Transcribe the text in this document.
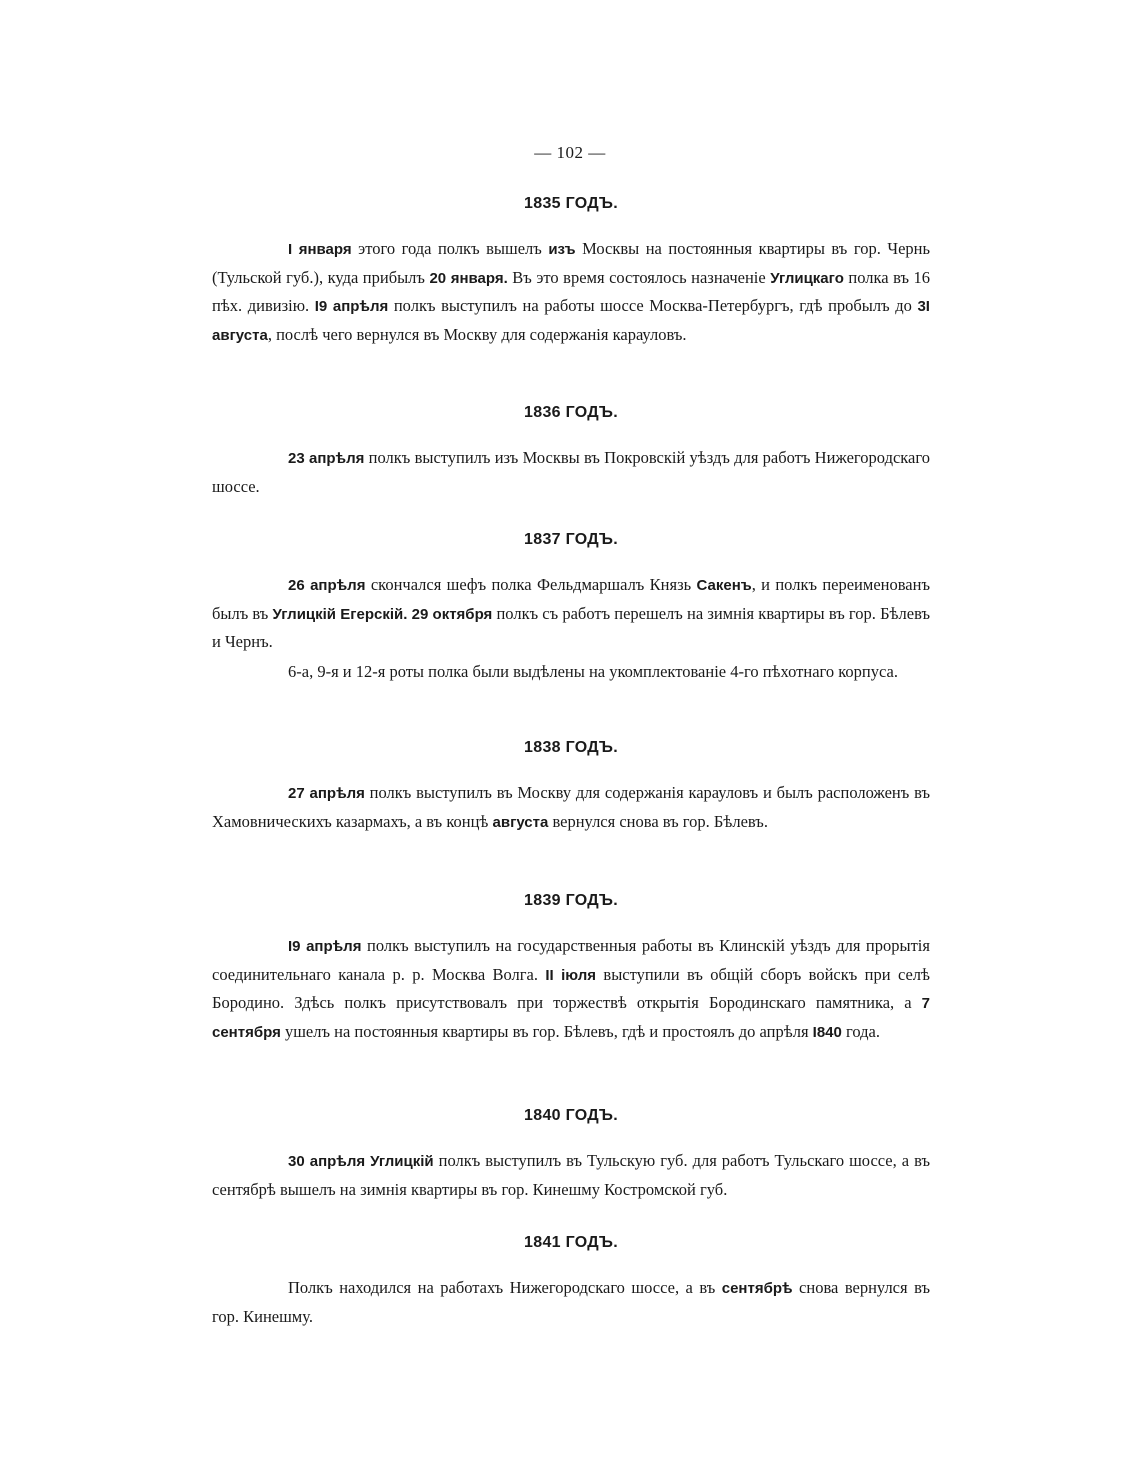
— 102 —
1835 ГОДЪ.

I января этого года полкъ вышелъ изъ Москвы на постоянныя квартиры въ гор. Чернь (Тульской губ.), куда прибылъ 20 января. Въ это время состоялось назначеніе Углицкаго полка въ 16 пѣх. дивизію. I9 апрѣля полкъ выступилъ на работы шоссе Москва-Петербургъ, гдѣ пробылъ до 3I августа, послѣ чего вернулся въ Москву для содержанія карауловъ.

1836 ГОДЪ.

23 апрѣля полкъ выступилъ изъ Москвы въ Покровскій уѣздъ для работъ Нижегородскаго шоссе.

1837 ГОДЪ.

26 апрѣля скончался шефъ полка Фельдмаршалъ Князь Сакенъ, и полкъ переименованъ былъ въ Углицкій Егерскій. 29 октября полкъ съ работъ перешелъ на зимнія квартиры въ гор. Бѣлевъ и Чернъ.

6-а, 9-я и 12-я роты полка были выдѣлены на укомплектованіе 4-го пѣхотнаго корпуса.

1838 ГОДЪ.

27 апрѣля полкъ выступилъ въ Москву для содержанія карауловъ и былъ расположенъ въ Хамовническихъ казармахъ, а въ концѣ августа вернулся снова въ гор. Бѣлевъ.

1839 ГОДЪ.

I9 апрѣля полкъ выступилъ на государственныя работы въ Клинскій уѣздъ для прорытія соединительнаго канала р. р. Москва Волга. II іюля выступили въ общій сборъ войскъ при селѣ Бородино. Здѣсь полкъ присутствовалъ при торжествѣ открытія Бородинскаго памятника, а 7 сентября ушелъ на постоянныя квартиры въ гор. Бѣлевъ, гдѣ и простоялъ до апрѣля I840 года.

1840 ГОДЪ.

30 апрѣля Углицкій полкъ выступилъ въ Тульскую губ. для работъ Тульскаго шоссе, а въ сентябрѣ вышелъ на зимнія квартиры въ гор. Кинешму Костромской губ.

1841 ГОДЪ.

Полкъ находился на работахъ Нижегородскаго шоссе, а въ сентябрѣ снова вернулся въ гор. Кинешму.
